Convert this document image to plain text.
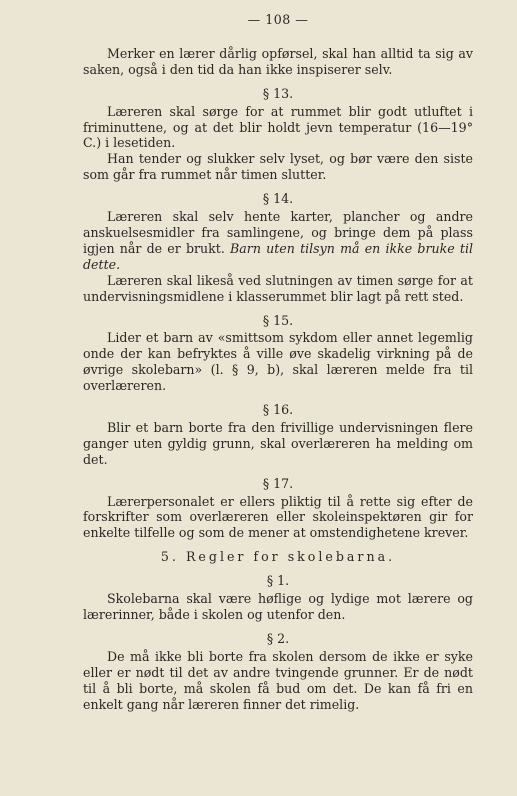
— 108 —

Merker en lærer dårlig opførsel, skal han alltid ta sig av saken, også i den tid da han ikke inspiserer selv.

§ 13.

Læreren skal sørge for at rummet blir godt utluftet i friminuttene, og at det blir holdt jevn temperatur (16—19° C.) i lesetiden.

Han tender og slukker selv lyset, og bør være den siste som går fra rummet når timen slutter.

§ 14.

Læreren skal selv hente karter, plancher og andre anskuelsesmidler fra samlingene, og bringe dem på plass igjen når de er brukt. Barn uten tilsyn må en ikke bruke til dette.

Læreren skal likeså ved slutningen av timen sørge for at undervisningsmidlene i klasserummet blir lagt på rett sted.

§ 15.

Lider et barn av «smittsom sykdom eller annet legemlig onde der kan befryktes å ville øve skadelig virkning på de øvrige skolebarn» (l. § 9, b), skal læreren melde fra til overlæreren.

§ 16.

Blir et barn borte fra den frivillige undervisningen flere ganger uten gyldig grunn, skal overlæreren ha melding om det.

§ 17.

Lærerpersonalet er ellers pliktig til å rette sig efter de forskrifter som overlæreren eller skoleinspektøren gir for enkelte tilfelle og som de mener at omstendighetene krever.

5. Regler for skolebarna.
§ 1.

Skolebarna skal være høflige og lydige mot lærere og lærerinner, både i skolen og utenfor den.

§ 2.

De må ikke bli borte fra skolen dersom de ikke er syke eller er nødt til det av andre tvingende grunner. Er de nødt til å bli borte, må skolen få bud om det. De kan få fri en enkelt gang når læreren finner det rimelig.
